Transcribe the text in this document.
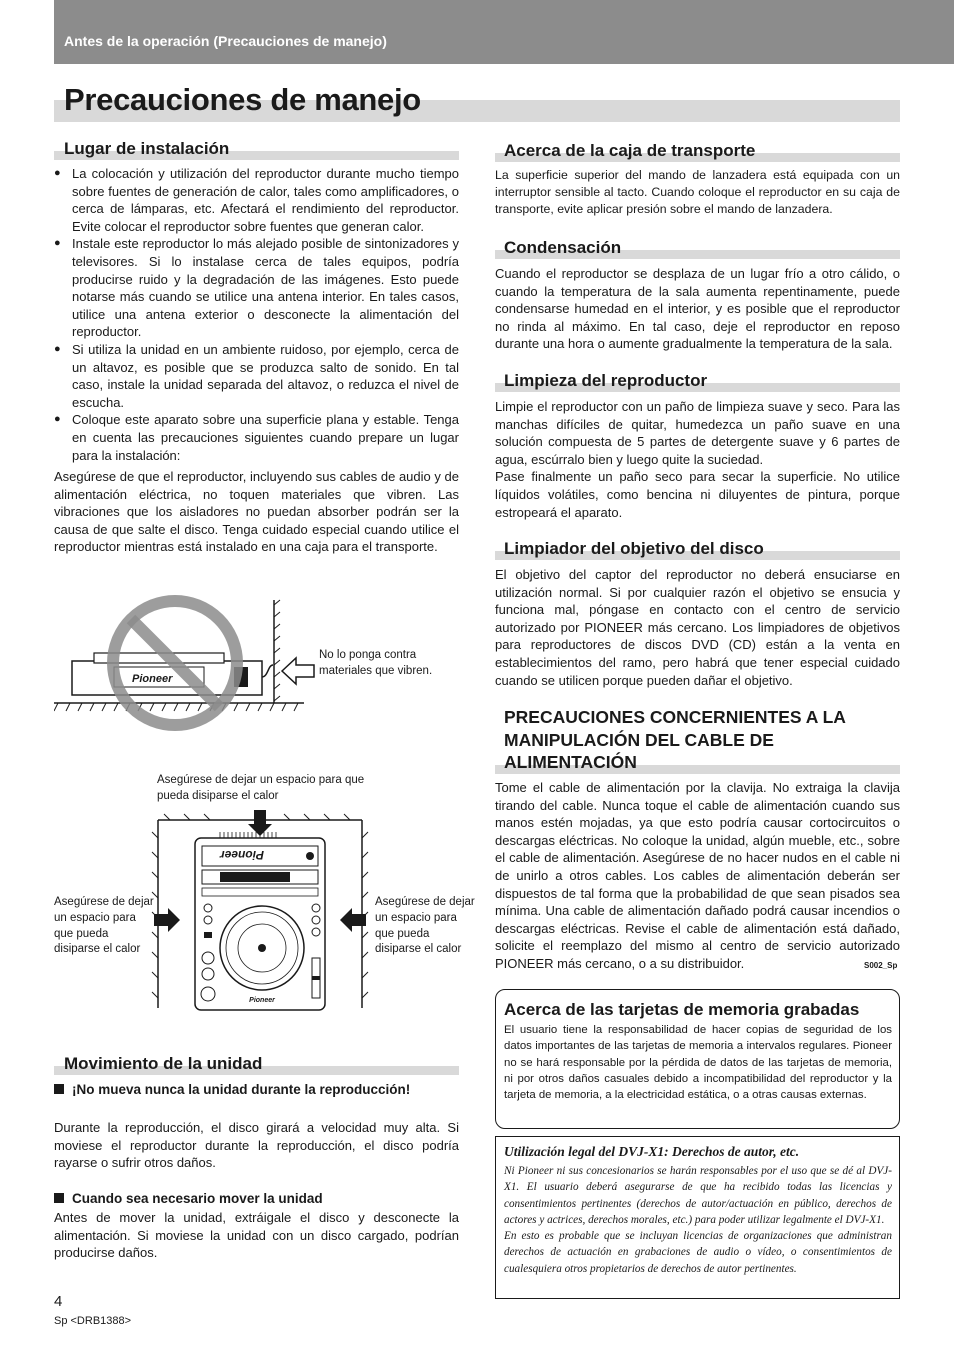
Antes de la operación (Precauciones de manejo)
Precauciones de manejo
Lugar de instalación
● La colocación y utilización del reproductor durante mucho tiempo sobre fuentes de generación de calor, tales como amplificadores, o cerca de lámparas, etc. Afectará el rendimiento del reproductor. Evite colocar el reproductor sobre fuentes que generan calor.
● Instale este reproductor lo más alejado posible de sintonizadores y televisores. Si lo instalase cerca de tales equipos, podría producirse ruido y la degradación de las imágenes. Esto puede notarse más cuando se utilice una antena interior. En tales casos, utilice una antena exterior o desconecte la alimentación del reproductor.
● Si utiliza la unidad en un ambiente ruidoso, por ejemplo, cerca de un altavoz, es posible que se produzca salto de sonido. En tal caso, instale la unidad separada del altavoz, o reduzca el nivel de escucha.
● Coloque este aparato sobre una superficie plana y estable. Tenga en cuenta las precauciones siguientes cuando prepare un lugar para la instalación:
Asegúrese de que el reproductor, incluyendo sus cables de audio y de alimentación eléctrica, no toquen materiales que vibren. Las vibraciones que los aisladores no puedan absorber podrán ser la causa de que salte el disco. Tenga cuidado especial cuando utilice el reproductor mientras está instalado en una caja para el transporte.
Pioneer
No lo ponga contra materiales que vibren.
Asegúrese de dejar un espacio para que pueda disiparse el calor
Asegúrese de dejar un espacio para que pueda disiparse el calor
Asegúrese de dejar un espacio para que pueda disiparse el calor
Pioneer
Pioneer
Movimiento de la unidad
¡No mueva nunca la unidad durante la reproducción!
Durante la reproducción, el disco girará a velocidad muy alta. Si moviese el reproductor durante la reproducción, el disco podría rayarse o sufrir otros daños.
Cuando sea necesario mover la unidad
Antes de mover la unidad, extráigale el disco y desconecte la alimentación. Si moviese la unidad con un disco cargado, podrían producirse daños.
4
Sp <DRB1388>
Acerca de la caja de transporte
La superficie superior del mando de lanzadera está equipada con un interruptor sensible al tacto. Cuando coloque el reproductor en su caja de transporte, evite aplicar presión sobre el mando de lanzadera.
Condensación
Cuando el reproductor se desplaza de un lugar frío a otro cálido, o cuando la temperatura de la sala aumenta repentinamente, puede condensarse humedad en el interior, y es posible que el reproductor no rinda al máximo. En tal caso, deje el reproductor en reposo durante una hora o aumente gradualmente la temperatura de la sala.
Limpieza del reproductor
Limpie el reproductor con un paño de limpieza suave y seco. Para las manchas difíciles de quitar, humedezca un paño suave en una solución compuesta de 5 partes de detergente suave y 6 partes de agua, escúrralo bien y luego quite la suciedad.
Pase finalmente un paño seco para secar la superficie. No utilice líquidos volátiles, como bencina ni diluyentes de pintura, porque estropeará el aparato.
Limpiador del objetivo del disco
El objetivo del captor del reproductor no deberá ensuciarse en utilización normal. Si por cualquier razón el objetivo se ensucia y funciona mal, póngase en contacto con el centro de servicio autorizado por PIONEER más cercano. Los limpiadores de objetivos para reproductores de discos DVD (CD) están a la venta en establecimientos del ramo, pero habrá que tener especial cuidado cuando se utilicen porque pueden dañar el objetivo.
PRECAUCIONES CONCERNIENTES A LA MANIPULACIÓN DEL CABLE DE ALIMENTACIÓN
Tome el cable de alimentación por la clavija. No extraiga la clavija tirando del cable. Nunca toque el cable de alimentación cuando sus manos estén mojadas, ya que esto podría causar cortocircuitos o descargas eléctricas. No coloque la unidad, algún mueble, etc., sobre el cable de alimentación. Asegúrese de no hacer nudos en el cable ni de unirlo a otros cables. Los cables de alimentación deberán ser dispuestos de tal forma que la probabilidad de que sean pisados sea mínima. Una cable de alimentación dañado podrá causar incendios o descargas eléctricas. Revise el cable de alimentación está dañado, solicite el reemplazo del mismo al centro de servicio autorizado PIONEER más cercano, o a su distribuidor.	S002_Sp
Acerca de las tarjetas de memoria grabadas
El usuario tiene la responsabilidad de hacer copias de seguridad de los datos importantes de las tarjetas de memoria a intervalos regulares. Pioneer no se hará responsable por la pérdida de datos de las tarjetas de memoria, ni por otros daños casuales debido a incompatibilidad del reproductor y la tarjeta de memoria, a la electricidad estática, o a otras causas externas.
Utilización legal del DVJ-X1: Derechos de autor, etc.
Ni Pioneer ni sus concesionarios se harán responsables por el uso que se dé al DVJ-X1. El usuario deberá asegurarse de que ha recibido todas las licencias y consentimientos pertinentes (derechos de autor/actuación en público, derechos de actores y actrices, derechos morales, etc.) para poder utilizar legalmente el DVJ-X1.
En esto es probable que se incluyan licencias de organizaciones que administran derechos de actuación en grabaciones de audio o vídeo, o consentimientos de cualesquiera otros propietarios de derechos de autor pertinentes.
